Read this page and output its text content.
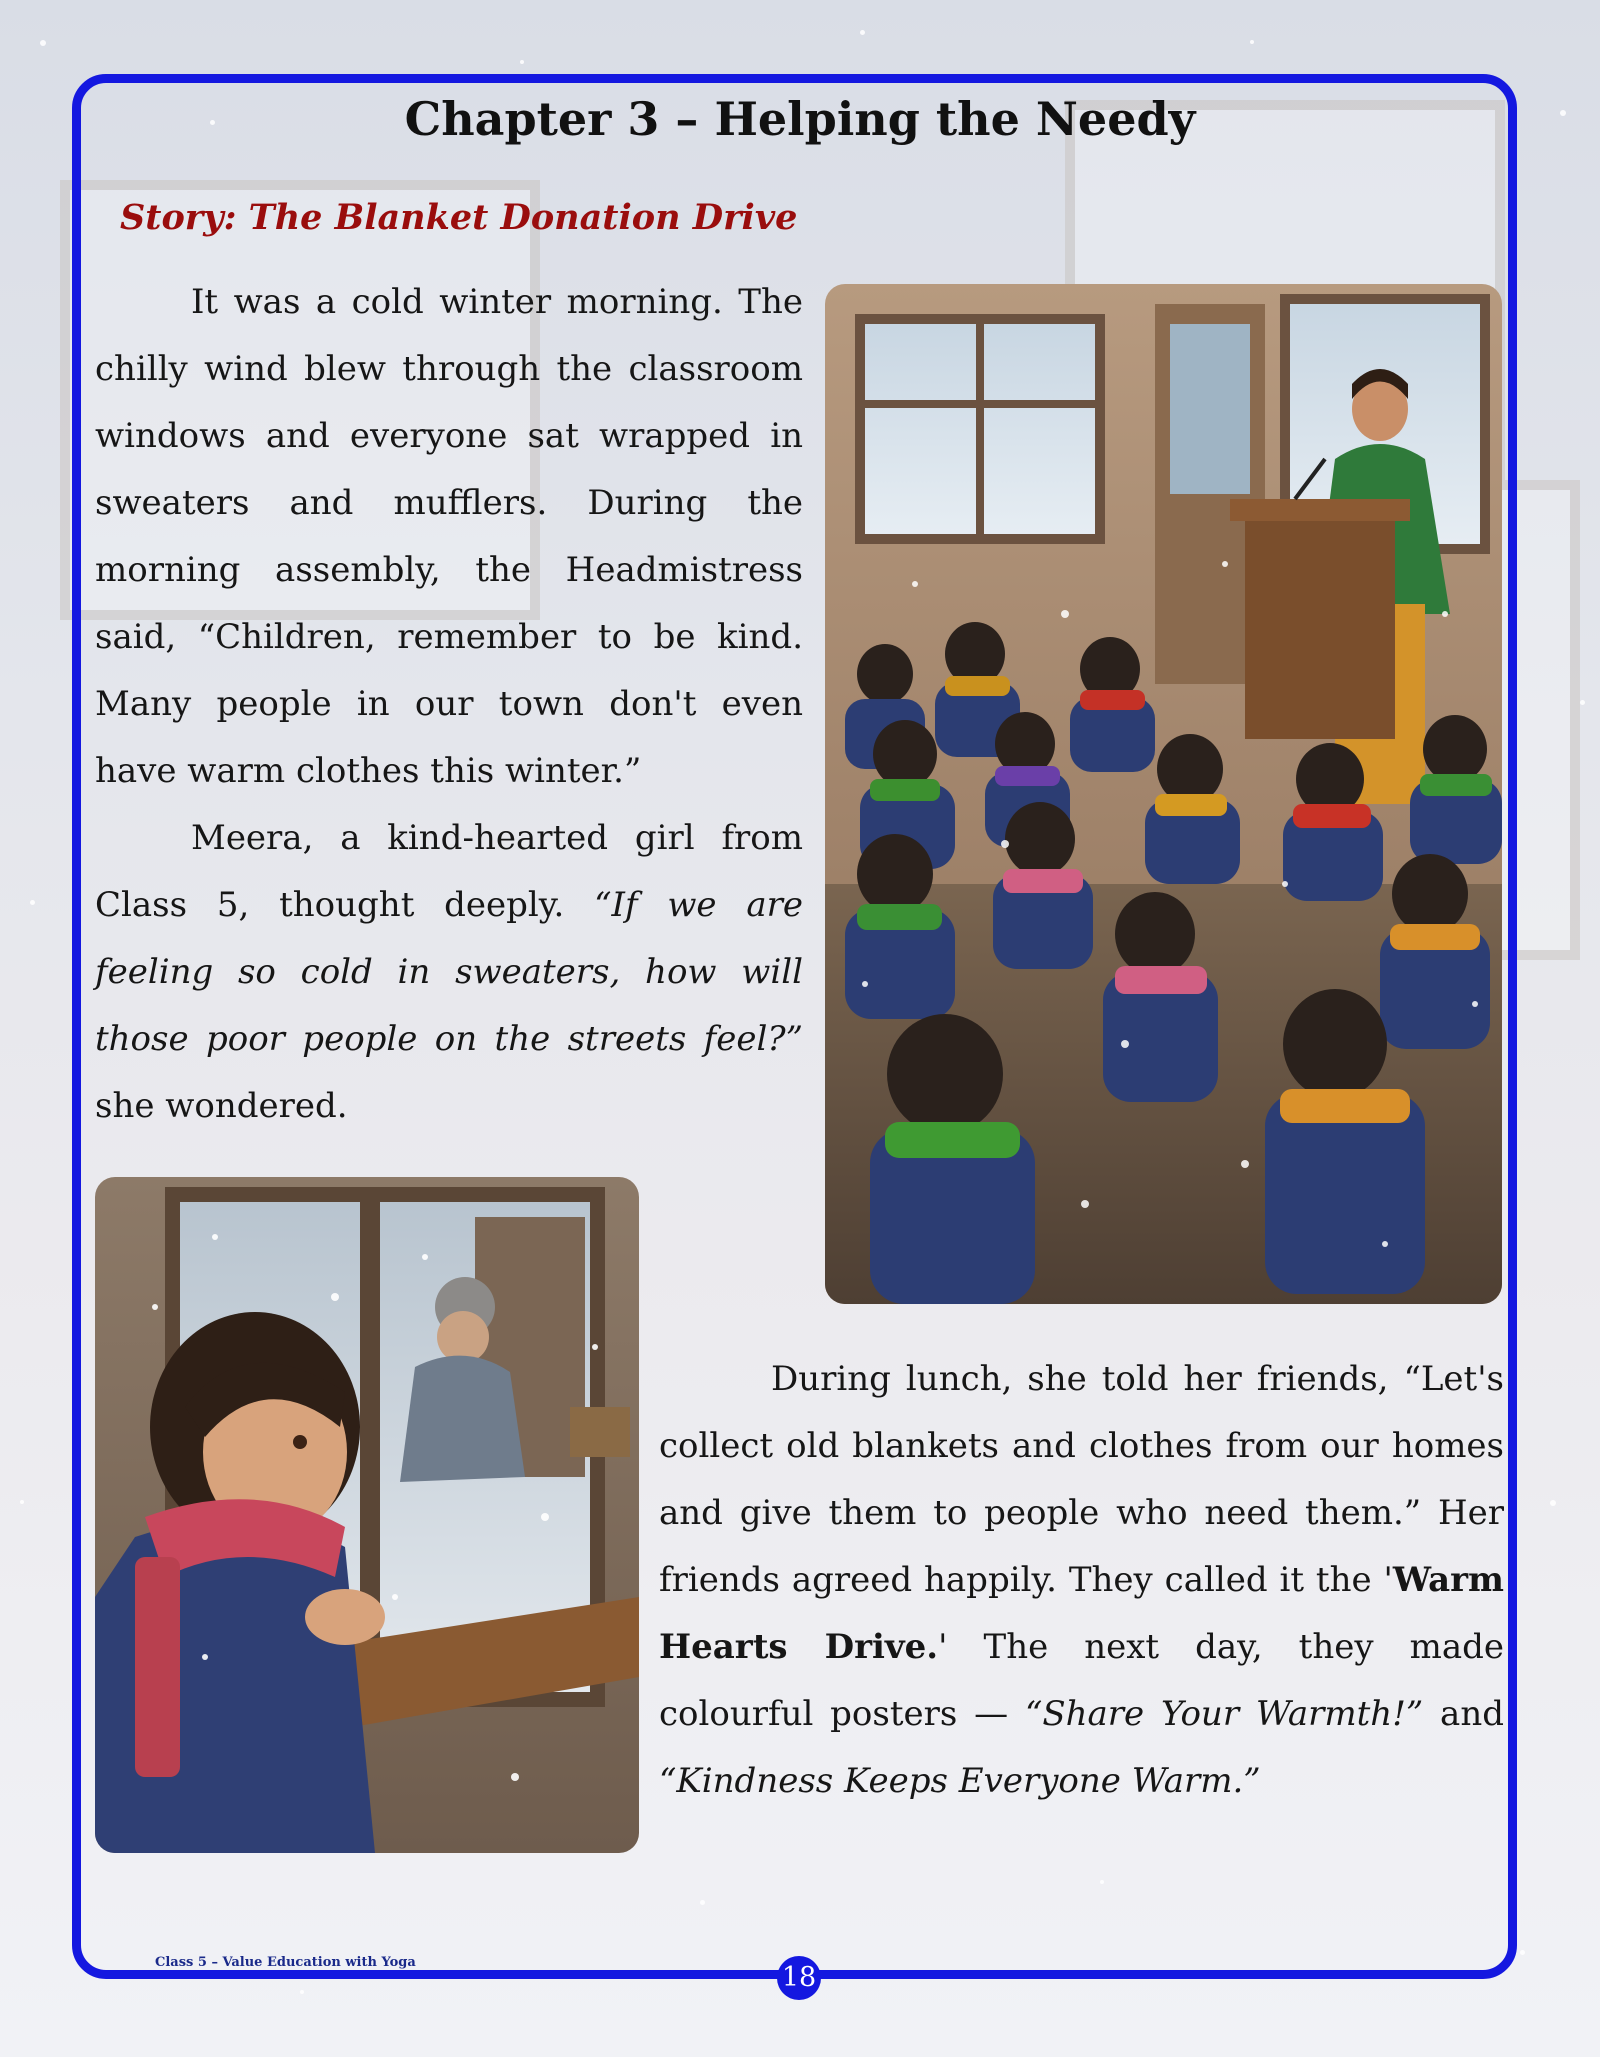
Chapter 3 – Helping the Needy
Story: The Blanket Donation Drive

It was a cold winter morning. The chilly wind blew through the classroom windows and everyone sat wrapped in sweaters and mufflers. During the morning assembly, the Headmistress said, “Children, remember to be kind. Many people in our town don't even have warm clothes this winter.”

Meera, a kind-hearted girl from Class 5, thought deeply. “If we are feeling so cold in sweaters, how will those poor people on the streets feel?” she wondered.

During lunch, she told her friends, “Let's collect old blankets and clothes from our homes and give them to people who need them.” Her friends agreed happily. They called it the 'Warm Hearts Drive.' The next day, they made colourful posters — “Share Your Warmth!” and “Kindness Keeps Everyone Warm.”

Class 5 – Value Education with Yoga	18
